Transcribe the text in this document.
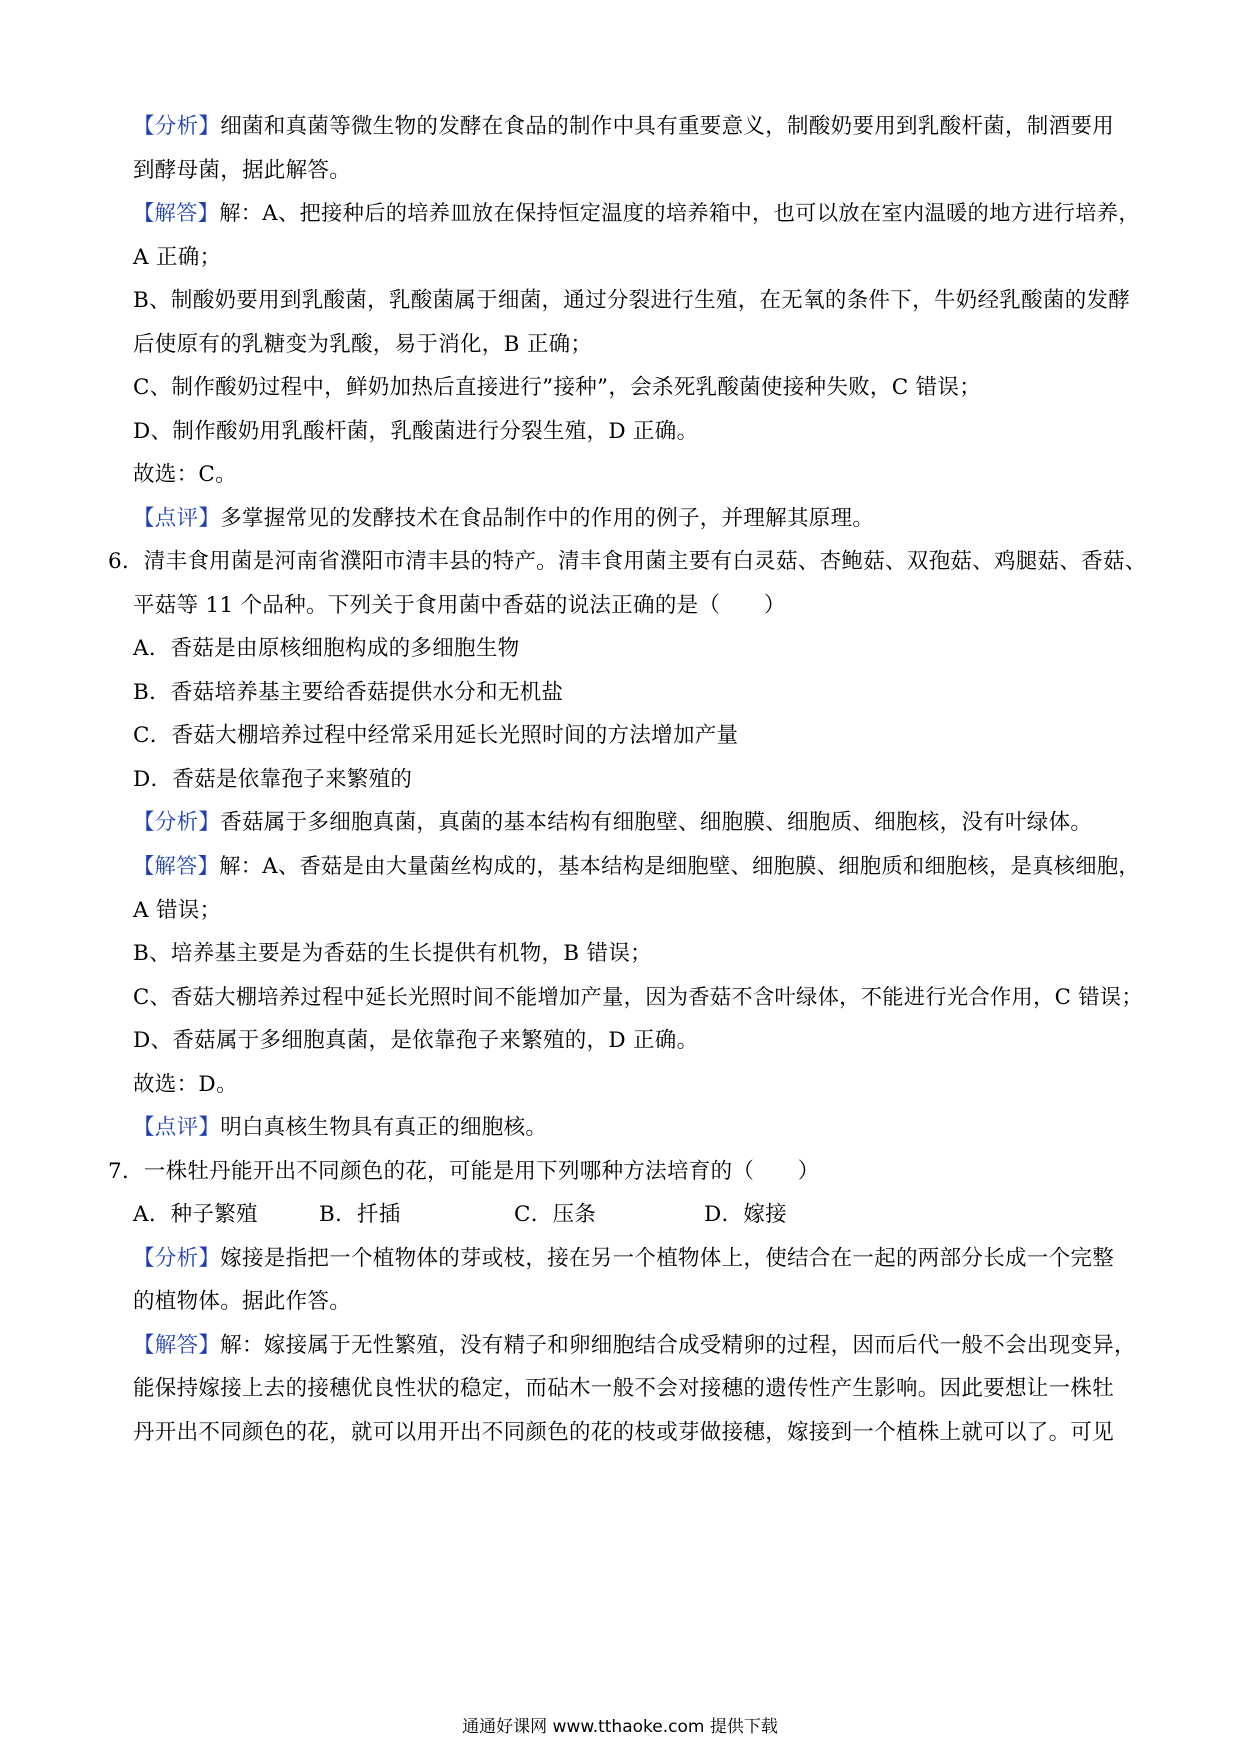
【分析】细菌和真菌等微生物的发酵在食品的制作中具有重要意义，制酸奶要用到乳酸杆菌，制酒要用
到酵母菌，据此解答。
【解答】解：A、把接种后的培养皿放在保持恒定温度的培养箱中，也可以放在室内温暖的地方进行培养，
A 正确；
B、制酸奶要用到乳酸菌，乳酸菌属于细菌，通过分裂进行生殖，在无氧的条件下，牛奶经乳酸菌的发酵
后使原有的乳糖变为乳酸，易于消化，B 正确；
C、制作酸奶过程中，鲜奶加热后直接进行”接种”，会杀死乳酸菌使接种失败，C 错误；
D、制作酸奶用乳酸杆菌，乳酸菌进行分裂生殖，D 正确。
故选：C。
【点评】多掌握常见的发酵技术在食品制作中的作用的例子，并理解其原理。
6．清丰食用菌是河南省濮阳市清丰县的特产。清丰食用菌主要有白灵菇、杏鲍菇、双孢菇、鸡腿菇、香菇、
平菇等 11 个品种。下列关于食用菌中香菇的说法正确的是（　　）
A．香菇是由原核细胞构成的多细胞生物
B．香菇培养基主要给香菇提供水分和无机盐
C．香菇大棚培养过程中经常采用延长光照时间的方法增加产量
D．香菇是依靠孢子来繁殖的
【分析】香菇属于多细胞真菌，真菌的基本结构有细胞壁、细胞膜、细胞质、细胞核，没有叶绿体。
【解答】解：A、香菇是由大量菌丝构成的，基本结构是细胞壁、细胞膜、细胞质和细胞核，是真核细胞，
A 错误；
B、培养基主要是为香菇的生长提供有机物，B 错误；
C、香菇大棚培养过程中延长光照时间不能增加产量，因为香菇不含叶绿体，不能进行光合作用，C 错误；
D、香菇属于多细胞真菌，是依靠孢子来繁殖的，D 正确。
故选：D。
【点评】明白真核生物具有真正的细胞核。
7．一株牡丹能开出不同颜色的花，可能是用下列哪种方法培育的（　　）
A．种子繁殖	B．扦插	C．压条	D．嫁接
【分析】嫁接是指把一个植物体的芽或枝，接在另一个植物体上，使结合在一起的两部分长成一个完整
的植物体。据此作答。
【解答】解：嫁接属于无性繁殖，没有精子和卵细胞结合成受精卵的过程，因而后代一般不会出现变异，
能保持嫁接上去的接穗优良性状的稳定，而砧木一般不会对接穗的遗传性产生影响。因此要想让一株牡
丹开出不同颜色的花，就可以用开出不同颜色的花的枝或芽做接穗，嫁接到一个植株上就可以了。可见
通通好课网 www.tthaoke.com 提供下载
